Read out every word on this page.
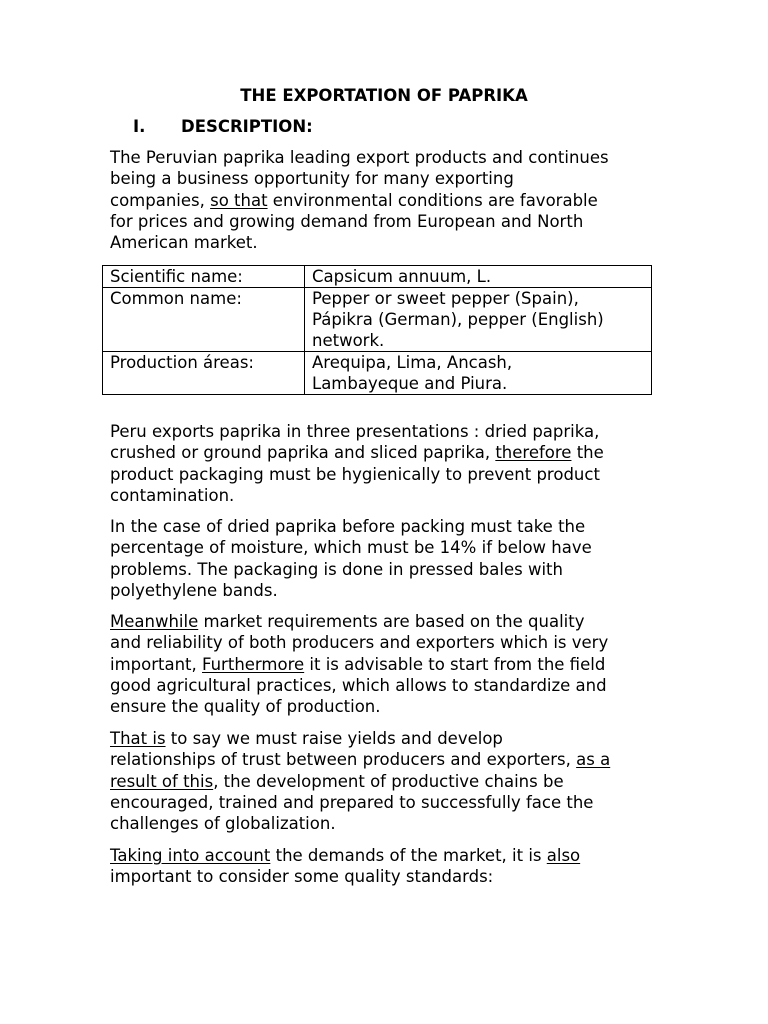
THE EXPORTATION OF PAPRIKA
I. DESCRIPTION:

The Peruvian paprika leading export products and continues
being a business opportunity for many exporting
companies, so that environmental conditions are favorable
for prices and growing demand from European and North
American market.

Scientific name:	Capsicum annuum, L.

Common name:	Pepper or sweet pepper (Spain),
Pápikra (German), pepper (English)
network.

Production áreas:	Arequipa, Lima, Ancash,
Lambayeque and Piura.

Peru exports paprika in three presentations : dried paprika,
crushed or ground paprika and sliced paprika, therefore the
product packaging must be hygienically to prevent product
contamination.

In the case of dried paprika before packing must take the
percentage of moisture, which must be 14% if below have
problems. The packaging is done in pressed bales with
polyethylene bands.

Meanwhile market requirements are based on the quality
and reliability of both producers and exporters which is very
important, Furthermore it is advisable to start from the field
good agricultural practices, which allows to standardize and
ensure the quality of production.

That is to say we must raise yields and develop
relationships of trust between producers and exporters, as a
result of this, the development of productive chains be
encouraged, trained and prepared to successfully face the
challenges of globalization.

Taking into account the demands of the market, it is also
important to consider some quality standards:
